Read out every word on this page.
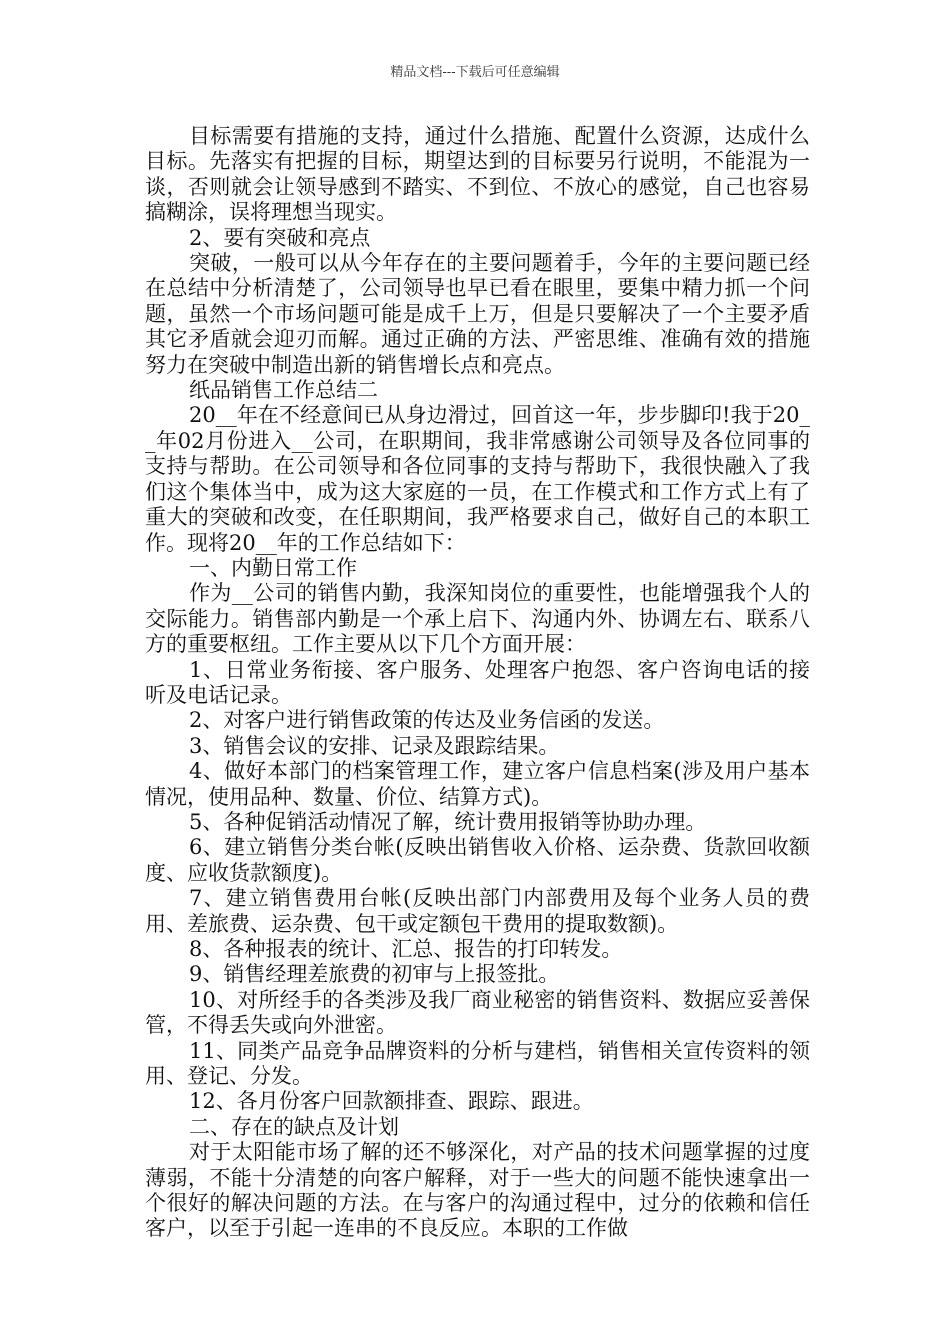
精品文档---下载后可任意编辑

目标需要有措施的支持，通过什么措施、配置什么资源，达成什么目标。先落实有把握的目标，期望达到的目标要另行说明，不能混为一谈，否则就会让领导感到不踏实、不到位、不放心的感觉，自己也容易搞糊涂，误将理想当现实。

2、要有突破和亮点

突破，一般可以从今年存在的主要问题着手，今年的主要问题已经在总结中分析清楚了，公司领导也早已看在眼里，要集中精力抓一个问题，虽然一个市场问题可能是成千上万，但是只要解决了一个主要矛盾其它矛盾就会迎刃而解。通过正确的方法、严密思维、准确有效的措施努力在突破中制造出新的销售增长点和亮点。

纸品销售工作总结二

20__年在不经意间已从身边滑过，回首这一年，步步脚印!我于20__年02月份进入__公司，在职期间，我非常感谢公司领导及各位同事的支持与帮助。在公司领导和各位同事的支持与帮助下，我很快融入了我们这个集体当中，成为这大家庭的一员，在工作模式和工作方式上有了重大的突破和改变，在任职期间，我严格要求自己，做好自己的本职工作。现将20__年的工作总结如下：

一、内勤日常工作

作为__公司的销售内勤，我深知岗位的重要性，也能增强我个人的交际能力。销售部内勤是一个承上启下、沟通内外、协调左右、联系八方的重要枢纽。工作主要从以下几个方面开展：

1、日常业务衔接、客户服务、处理客户抱怨、客户咨询电话的接听及电话记录。

2、对客户进行销售政策的传达及业务信函的发送。

3、销售会议的安排、记录及跟踪结果。

4、做好本部门的档案管理工作，建立客户信息档案(涉及用户基本情况，使用品种、数量、价位、结算方式)。

5、各种促销活动情况了解，统计费用报销等协助办理。

6、建立销售分类台帐(反映出销售收入价格、运杂费、货款回收额度、应收货款额度)。

7、建立销售费用台帐(反映出部门内部费用及每个业务人员的费用、差旅费、运杂费、包干或定额包干费用的提取数额)。

8、各种报表的统计、汇总、报告的打印转发。

9、销售经理差旅费的初审与上报签批。

10、对所经手的各类涉及我厂商业秘密的销售资料、数据应妥善保管，不得丢失或向外泄密。

11、同类产品竞争品牌资料的分析与建档，销售相关宣传资料的领用、登记、分发。

12、各月份客户回款额排查、跟踪、跟进。

二、存在的缺点及计划

对于太阳能市场了解的还不够深化，对产品的技术问题掌握的过度薄弱，不能十分清楚的向客户解释，对于一些大的问题不能快速拿出一个很好的解决问题的方法。在与客户的沟通过程中，过分的依赖和信任客户，以至于引起一连串的不良反应。本职的工作做
